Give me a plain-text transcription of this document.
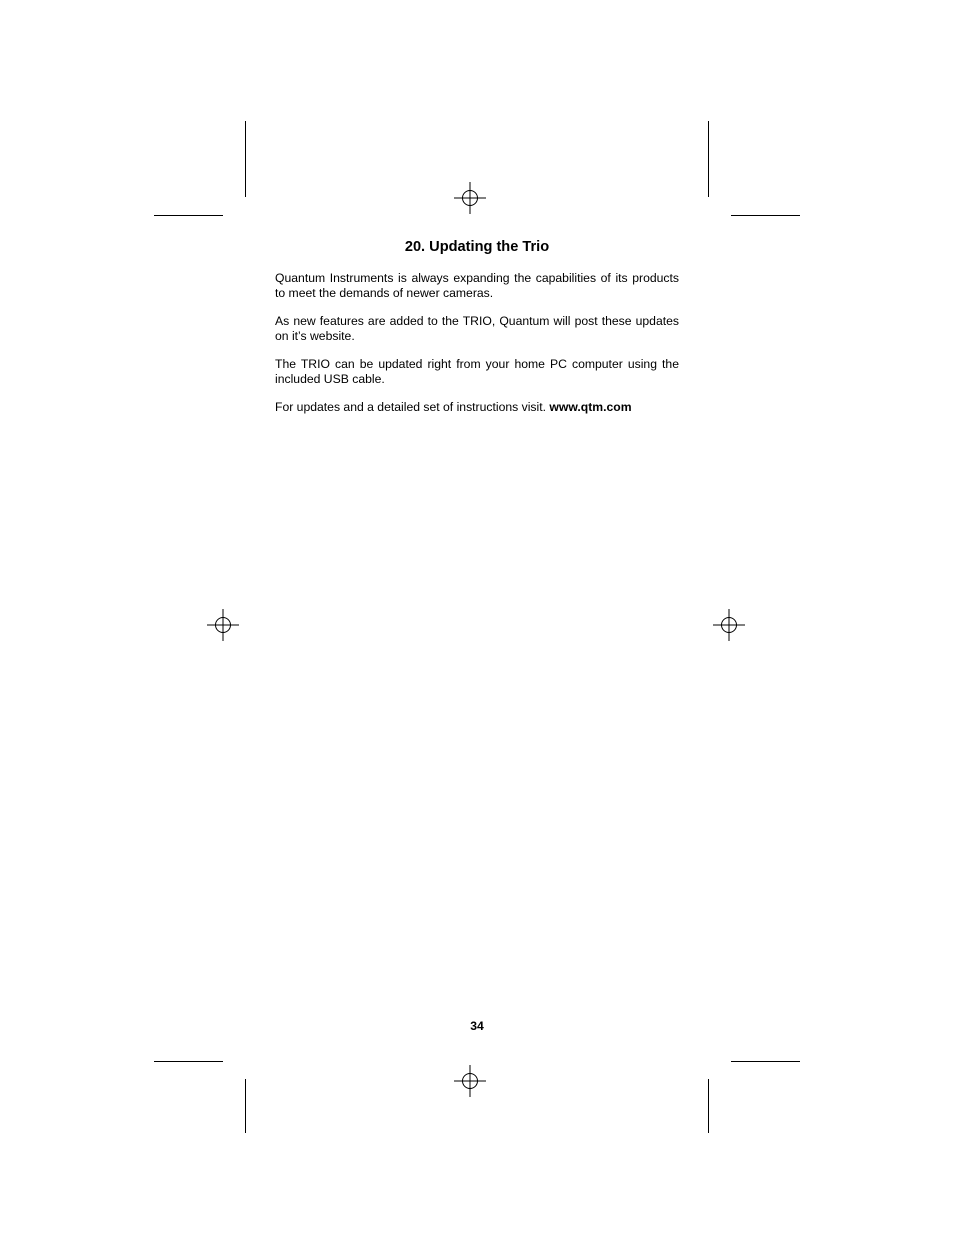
20. Updating the Trio

Quantum Instruments is always expanding the capabilities of its products to meet the demands of newer cameras.

As new features are added to the TRIO, Quantum will post these updates on it’s website.

The TRIO can be updated right from your home PC computer using the included USB cable.

For updates and a detailed set of instructions visit. www.qtm.com

34
